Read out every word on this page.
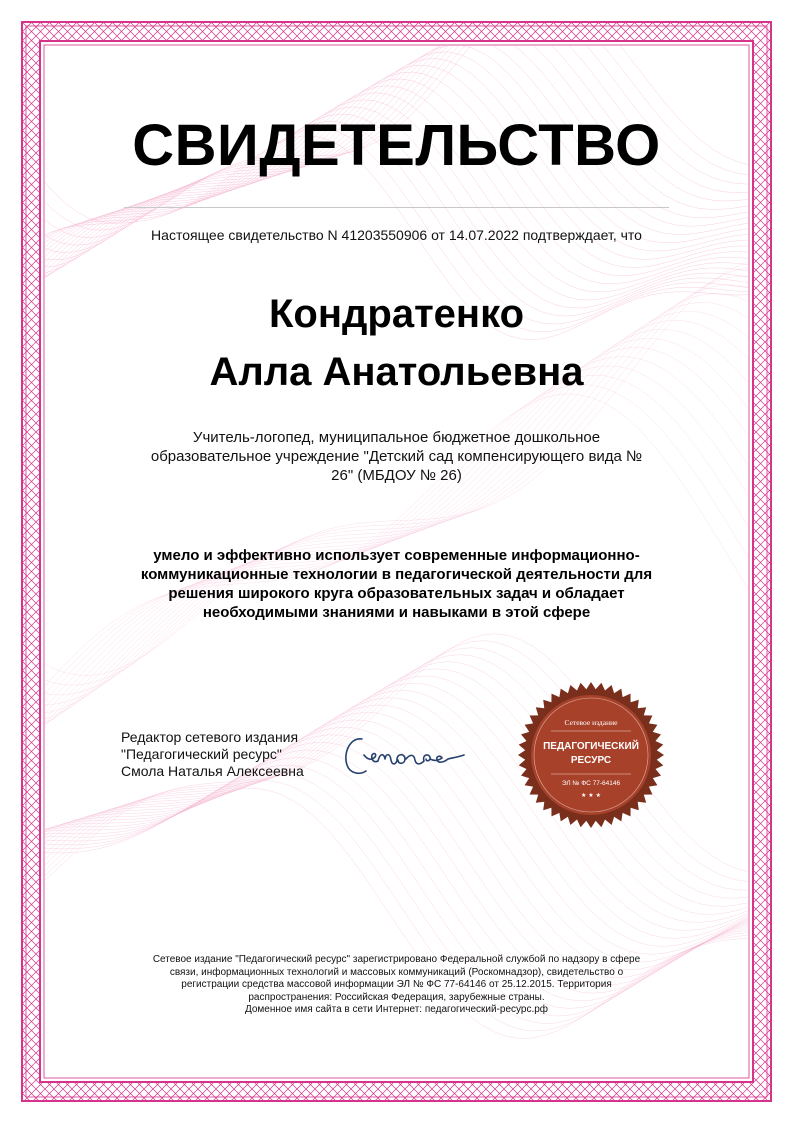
СВИДЕТЕЛЬСТВО
Настоящее свидетельство N 41203550906 от 14.07.2022 подтверждает, что
Кондратенко
Алла Анатольевна

Учитель-логопед, муниципальное бюджетное дошкольное

образовательное учреждение "Детский сад компенсирующего вида №

26" (МБДОУ № 26)

умело и эффективно использует современные информационно-

коммуникационные технологии в педагогической деятельности для

решения широкого круга образовательных задач и обладает

необходимыми знаниями и навыками в этой сфере

Редактор сетевого издания

"Педагогический ресурс"

Смола Наталья Алексеевна

Сетевое издание
ПЕДАГОГИЧЕСКИЙ
РЕСУРС
ЭЛ № ФС 77-64146
★ ★ ★

Сетевое издание "Педагогический ресурс" зарегистрировано Федеральной службой по надзору в сфере

связи, информационных технологий и массовых коммуникаций (Роскомнадзор), свидетельство о

регистрации средства массовой информации ЭЛ № ФС 77-64146 от 25.12.2015. Территория

распространения: Российская Федерация, зарубежные страны.

Доменное имя сайта в сети Интернет: педагогический-ресурс.рф
